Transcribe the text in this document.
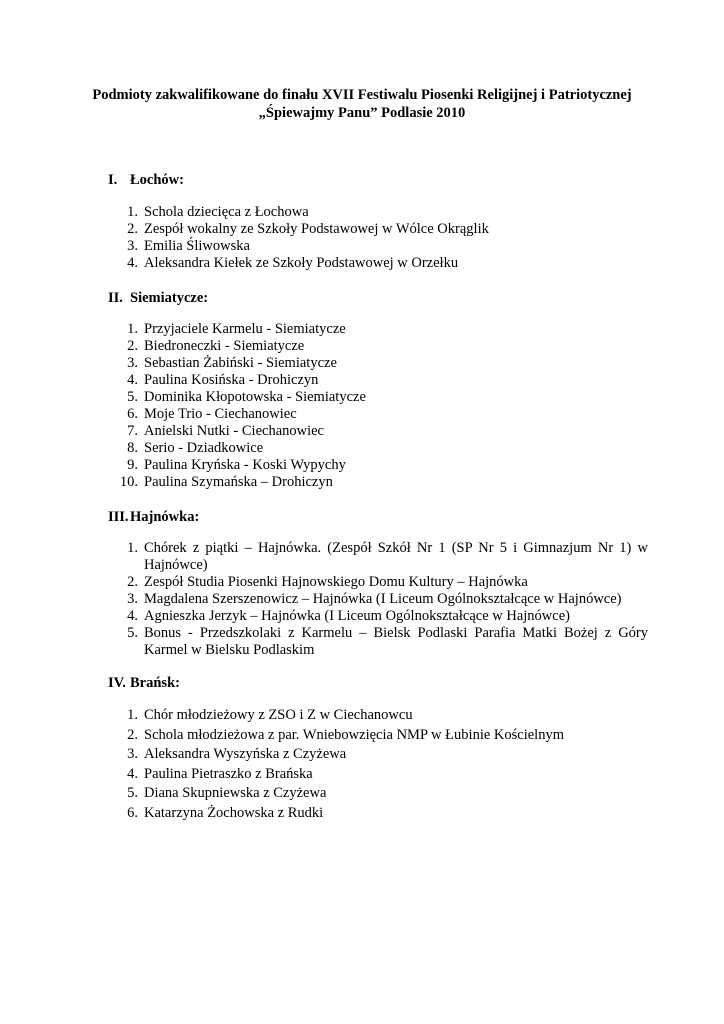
Podmioty zakwalifikowane do finału XVII Festiwalu Piosenki Religijnej i Patriotycznej
„Śpiewajmy Panu” Podlasie 2010
I. Łochów:
1. Schola dziecięca z Łochowa
2. Zespół wokalny ze Szkoły Podstawowej w Wólce Okrąglik
3. Emilia Śliwowska
4. Aleksandra Kiełek ze Szkoły Podstawowej w Orzełku
II. Siemiatycze:
1. Przyjaciele Karmelu - Siemiatycze
2. Biedroneczki - Siemiatycze
3. Sebastian Żabiński - Siemiatycze
4. Paulina Kosińska - Drohiczyn
5. Dominika Kłopotowska - Siemiatycze
6. Moje Trio - Ciechanowiec
7. Anielski Nutki - Ciechanowiec
8. Serio - Dziadkowice
9. Paulina Kryńska - Koski Wypychy
10. Paulina Szymańska – Drohiczyn
III.Hajnówka:
1. Chórek z piątki – Hajnówka. (Zespół Szkół Nr 1 (SP Nr 5 i Gimnazjum Nr 1) w Hajnówce)
2. Zespół Studia Piosenki Hajnowskiego Domu Kultury – Hajnówka
3. Magdalena Szerszenowicz – Hajnówka (I Liceum Ogólnokształcące w Hajnówce)
4. Agnieszka Jerzyk – Hajnówka (I Liceum Ogólnokształcące w Hajnówce)
5. Bonus - Przedszkolaki z Karmelu – Bielsk Podlaski Parafia Matki Bożej z Góry Karmel w Bielsku Podlaskim
IV. Brańsk:
1. Chór młodzieżowy z ZSO i Z w Ciechanowcu
2. Schola młodzieżowa z par. Wniebowzięcia NMP w Łubinie Kościelnym
3. Aleksandra Wyszyńska z Czyżewa
4. Paulina Pietraszko z Brańska
5. Diana Skupniewska z Czyżewa
6. Katarzyna Żochowska z Rudki
